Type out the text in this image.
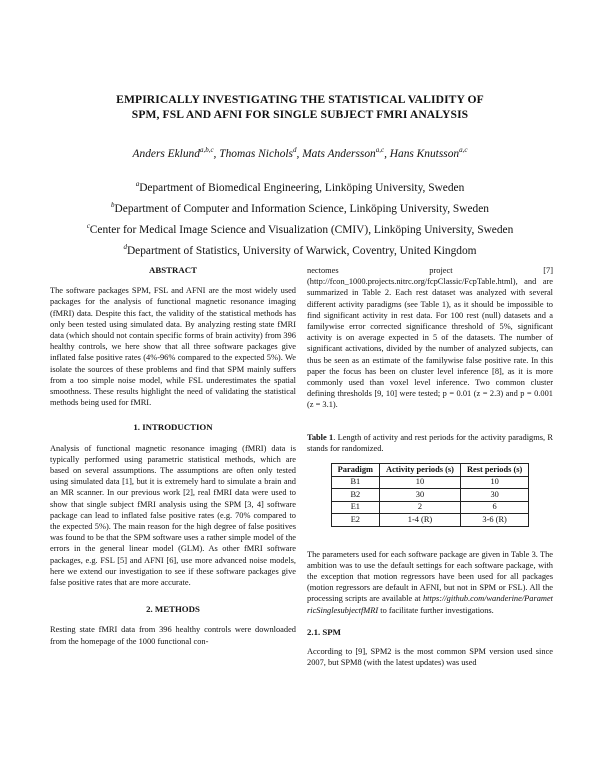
EMPIRICALLY INVESTIGATING THE STATISTICAL VALIDITY OF
SPM, FSL AND AFNI FOR SINGLE SUBJECT FMRI ANALYSIS
Anders Eklund$^{a,b,c}$, Thomas Nichols$^d$, Mats Andersson$^{a,c}$, Hans Knutsson$^{a,c}$
$^a$Department of Biomedical Engineering, Linköping University, Sweden
$^b$Department of Computer and Information Science, Linköping University, Sweden
$^c$Center for Medical Image Science and Visualization (CMIV), Linköping University, Sweden
$^d$Department of Statistics, University of Warwick, Coventry, United Kingdom

ABSTRACT

The software packages SPM, FSL and AFNI are the most widely used packages for the analysis of functional magnetic resonance imaging (fMRI) data. Despite this fact, the validity of the statistical methods has only been tested using simulated data. By analyzing resting state fMRI data (which should not contain specific forms of brain activity) from 396 healthy controls, we here show that all three software packages give inflated false positive rates (4%-96% compared to the expected 5%). We isolate the sources of these problems and find that SPM mainly suffers from a too simple noise model, while FSL underestimates the spatial smoothness. These results highlight the need of validating the statistical methods being used for fMRI.

1. INTRODUCTION

Analysis of functional magnetic resonance imaging (fMRI) data is typically performed using parametric statistical methods, which are based on several assumptions. The assumptions are often only tested using simulated data [1], but it is extremely hard to simulate a brain and an MR scanner. In our previous work [2], real fMRI data were used to show that single subject fMRI analysis using the SPM [3, 4] software package can lead to inflated false positive rates (e.g. 70% compared to the expected 5%). The main reason for the high degree of false positives was found to be that the SPM software uses a rather simple model of the errors in the general linear model (GLM). As other fMRI software packages, e.g. FSL [5] and AFNI [6], use more advanced noise models, here we extend our investigation to see if these software packages give false positive rates that are more accurate.

2. METHODS

Resting state fMRI data from 396 healthy controls were downloaded from the homepage of the 1000 functional con-

nectomes project [7] (http://fcon_1000.projects.nitrc.org/fcpClassic/FcpTable.html), and are summarized in Table 2. Each rest dataset was analyzed with several different activity paradigms (see Table 1), as it should be impossible to find significant activity in rest data. For 100 rest (null) datasets and a familywise error corrected significance threshold of 5%, significant activity is on average expected in 5 of the datasets. The number of significant activations, divided by the number of analyzed subjects, can thus be seen as an estimate of the familywise false positive rate. In this paper the focus has been on cluster level inference [8], as it is more commonly used than voxel level inference. Two common cluster defining thresholds [9, 10] were tested; p = 0.01 (z = 2.3) and p = 0.001 (z = 3.1).

Table 1. Length of activity and rest periods for the activity paradigms, R stands for randomized.

Paradigm	Activity periods (s)	Rest periods (s)
B1	10	10
B2	30	30
E1	2	6
E2	1-4 (R)	3-6 (R)

The parameters used for each software package are given in Table 3. The ambition was to use the default settings for each software package, with the exception that motion regressors have been used for all packages (motion regressors are default in AFNI, but not in SPM or FSL). All the processing scripts are available at https://github.com/wanderine/ParametricSinglesubjectfMRI to facilitate further investigations.

2.1. SPM

According to [9], SPM2 is the most common SPM version used since 2007, but SPM8 (with the latest updates) was used
